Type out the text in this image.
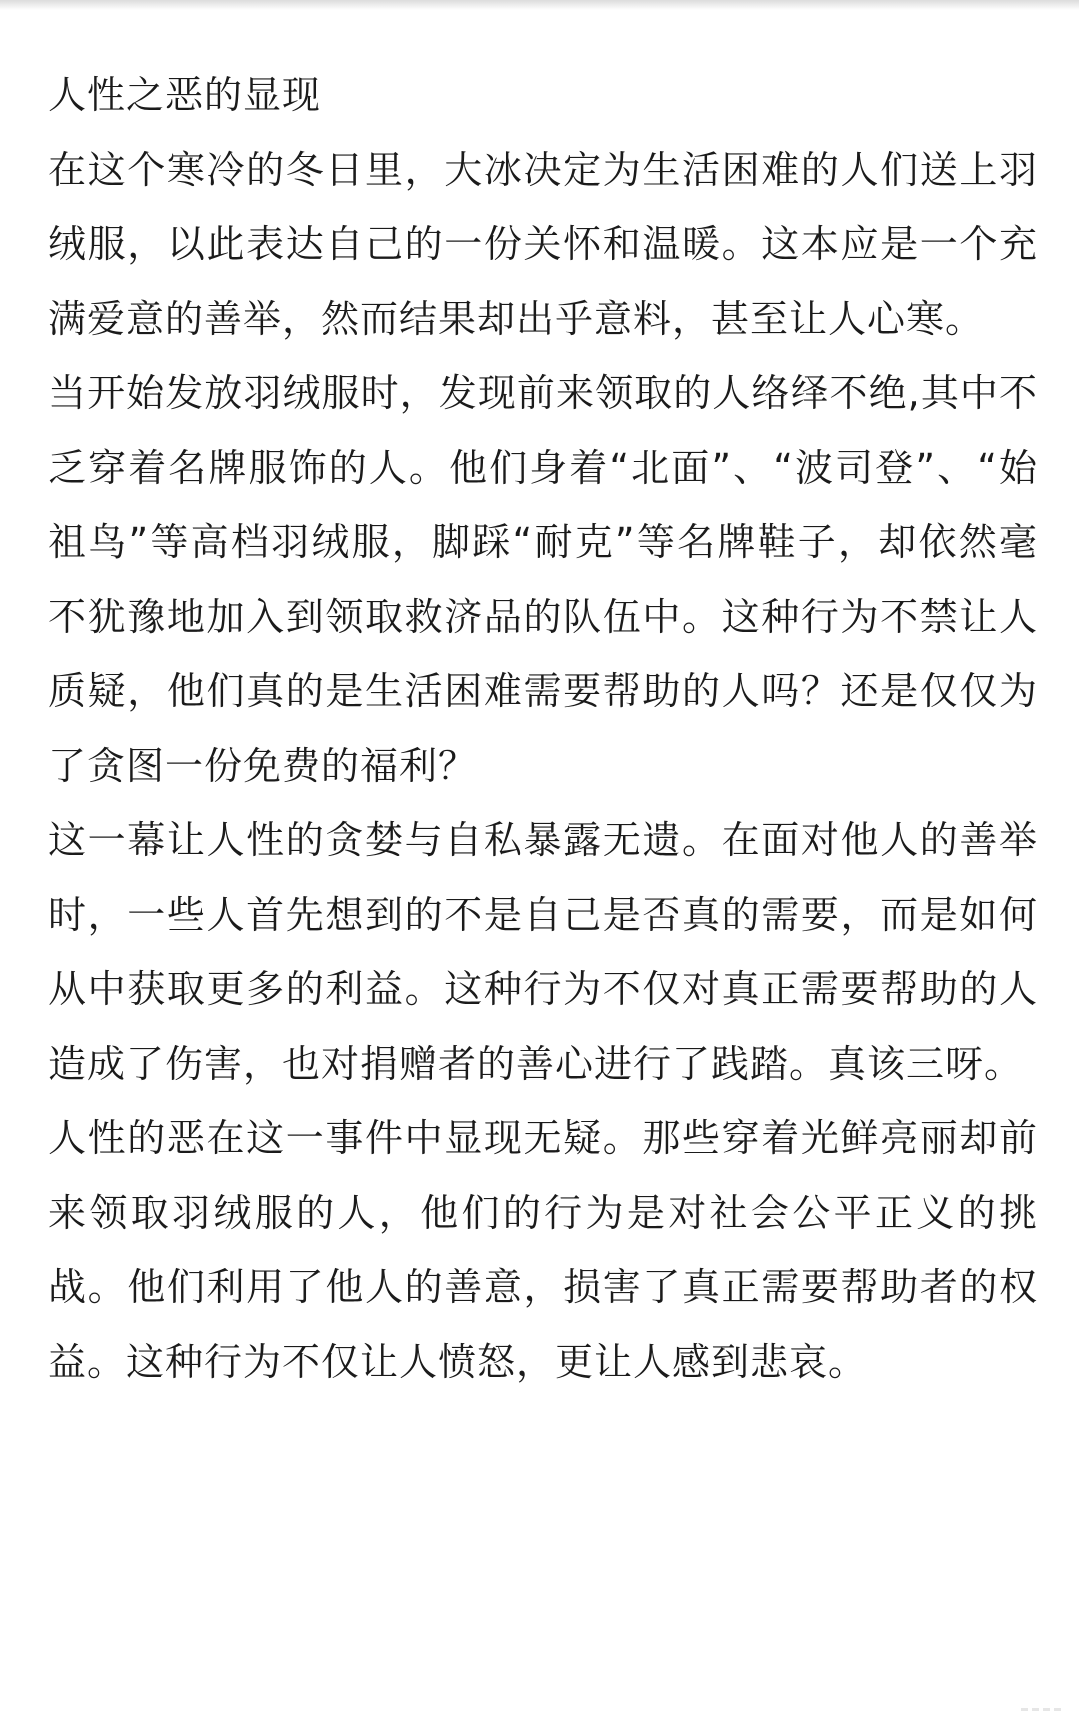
人性之恶的显现

在这个寒冷的冬日里，大冰决定为生活困难的人们送上羽绒服，以此表达自己的一份关怀和温暖。这本应是一个充满爱意的善举，然而结果却出乎意料，甚至让人心寒。

当开始发放羽绒服时，发现前来领取的人络绎不绝,其中不乏穿着名牌服饰的人。他们身着“北面”、“波司登”、“始祖鸟”等高档羽绒服，脚踩“耐克”等名牌鞋子，却依然毫不犹豫地加入到领取救济品的队伍中。这种行为不禁让人质疑，他们真的是生活困难需要帮助的人吗？还是仅仅为了贪图一份免费的福利？

这一幕让人性的贪婪与自私暴露无遗。在面对他人的善举时，一些人首先想到的不是自己是否真的需要，而是如何从中获取更多的利益。这种行为不仅对真正需要帮助的人造成了伤害，也对捐赠者的善心进行了践踏。真该三呀。

人性的恶在这一事件中显现无疑。那些穿着光鲜亮丽却前来领取羽绒服的人，他们的行为是对社会公平正义的挑战。他们利用了他人的善意，损害了真正需要帮助者的权益。这种行为不仅让人愤怒，更让人感到悲哀。
